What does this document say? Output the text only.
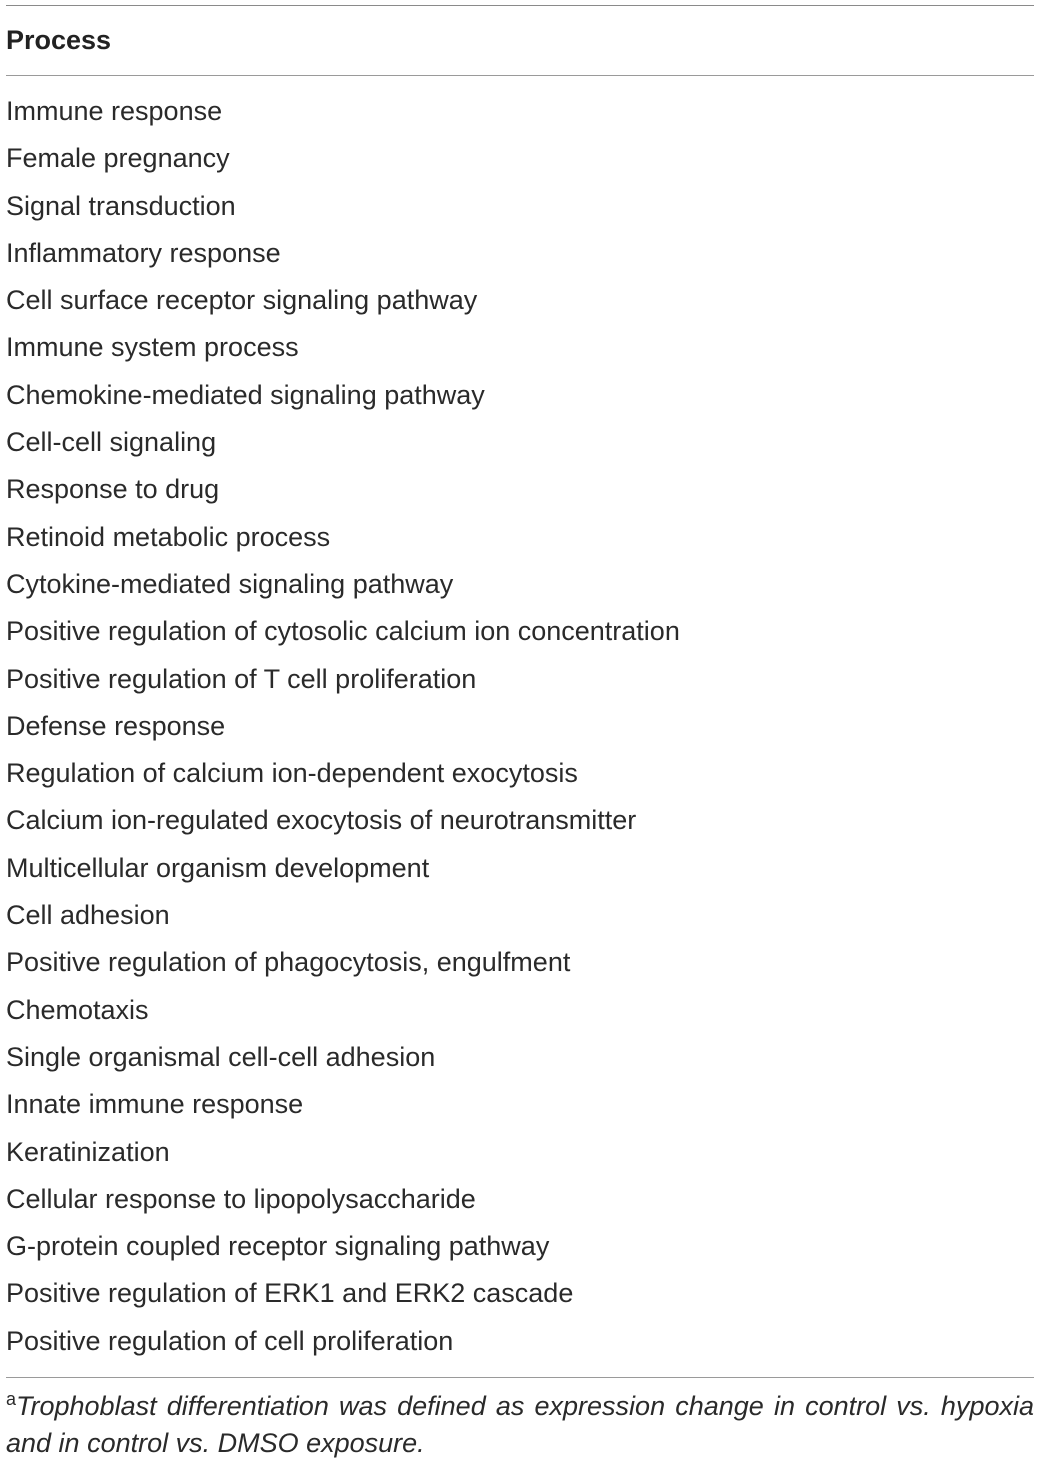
Process
Immune response
Female pregnancy
Signal transduction
Inflammatory response
Cell surface receptor signaling pathway
Immune system process
Chemokine-mediated signaling pathway
Cell-cell signaling
Response to drug
Retinoid metabolic process
Cytokine-mediated signaling pathway
Positive regulation of cytosolic calcium ion concentration
Positive regulation of T cell proliferation
Defense response
Regulation of calcium ion-dependent exocytosis
Calcium ion-regulated exocytosis of neurotransmitter
Multicellular organism development
Cell adhesion
Positive regulation of phagocytosis, engulfment
Chemotaxis
Single organismal cell-cell adhesion
Innate immune response
Keratinization
Cellular response to lipopolysaccharide
G-protein coupled receptor signaling pathway
Positive regulation of ERK1 and ERK2 cascade
Positive regulation of cell proliferation
$^a$Trophoblast differentiation was defined as expression change in control vs. hypoxia and in control vs. DMSO exposure.
